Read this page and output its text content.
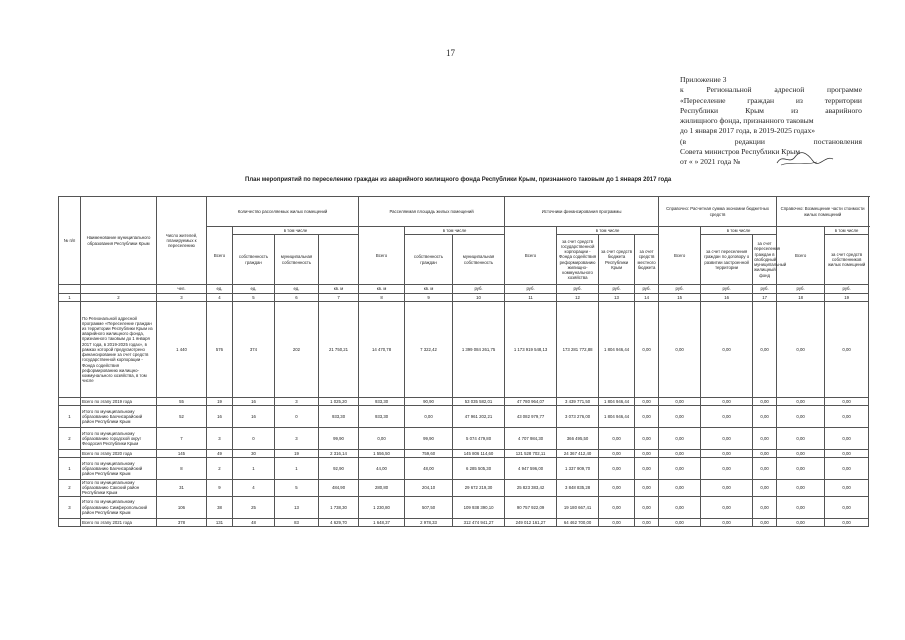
17
Приложение 3
к	Региональной	адресной	программе
«Переселение	граждан	из	территории
Республики	Крым	из	аварийного
жилищного фонда, признанного таковым
до 1 января 2017 года, в 2019-2025 годах»
(в	редакции	постановления
Совета министров Республики Крым
от « » 2021 года №
План мероприятий по переселению граждан из аварийного жилищного фонда Республики Крым, признанного таковым до 1 января 2017 года
№ п/п	Наименование муниципального образования Республики Крым	Число жителей, планируемых к переселению	Количество расселяемых жилых помещений				Расселяемая площадь жилых помещений			Источники финансирования программы				Справочно: Расчетная сумма экономии бюджетных средств			Справочно: Возмещение части стоимости жилых помещений		
			Всего	в том числе			Всего	в том числе		Всего	в том числе			Всего	в том числе		Всего	в том числе	
				собственность граждан	муниципальная собственность			собственность граждан	муниципальная собственность		за счет средств государственной корпорации - Фонда содействия реформированию жилищно-коммунального хозяйства	за счет средств бюджета Республики Крым	за счет средств местного бюджета		за счет переселения граждан по договору о развитии застроенной территории	за счет переселения граждан в свободный муниципальный жилищный фонд		за счет средств собственников жилых помещений	
		чел.	ед.	ед.	ед.	кв. м	кв. м	кв. м	руб.	руб.	руб.	руб.	руб.	руб.	руб.	руб.	руб.	руб.	
1	2	3	4	5	6	7	8	9	10	11	12	13	14	15	16	17	18	19	
	По Региональной адресной программе «Переселение граждан из территории Республики Крым из аварийного жилищного фонда, признанного таковым до 1 января 2017 года, в 2019-2025 годах», в рамках которой предусмотрено финансирование за счет средств государственной корпорации - Фонда содействия реформированию жилищно-коммунального хозяйства, в том числе	1 440	576	374	202	21 750,21	14 470,78	7 322,42	1 399 084 261,75	1 173 919 548,13	173 281 772,88	1 804 946,44	0,00	0,00	0,00	0,00	0,00	0,00	
	Всего по этапу 2019 года	55	19	16	3	1 025,20	933,30	90,90	53 035 582,01	47 780 964,07	3 439 771,50	1 804 946,44	0,00	0,00	0,00	0,00	0,00	0,00	
1	Итого по муниципальному образованию Бахчисарайский район Республики Крым	52	16	16	0	933,30	933,30	0,00	47 961 202,21	43 082 979,77	3 073 276,00	1 804 946,44	0,00	0,00	0,00	0,00	0,00	0,00	
2	Итого по муниципальному образованию городской округ Феодосия Республики Крым	7	3	0	3	99,90	0,00	99,90	5 074 479,80	4 707 984,30	366 495,50	0,00	0,00	0,00	0,00	0,00	0,00	0,00	
	Всего по этапу 2020 года	145	49	30	19	2 316,14	1 556,50	759,60	145 806 114,60	121 528 702,11	24 367 412,40	0,00	0,00	0,00	0,00	0,00	0,00	0,00	
1	Итого по муниципальному образованию Бахчисарайский район Республики Крым	8	2	1	1	92,90	44,00	48,00	6 285 505,30	4 947 596,00	1 337 909,70	0,00	0,00	0,00	0,00	0,00	0,00	0,00	
2	Итого по муниципальному образованию Сакский район Республики Крым	31	9	4	5	484,90	280,80	204,10	29 672 219,30	25 823 383,42	3 848 835,28	0,00	0,00	0,00	0,00	0,00	0,00	0,00	
3	Итого по муниципальному образованию Симферопольский район Республики Крым	106	38	25	13	1 738,30	1 230,80	507,50	109 938 390,10	90 757 922,09	19 180 667,41	0,00	0,00	0,00	0,00	0,00	0,00	0,00	
	Всего по этапу 2021 года	378	131	48	83	4 629,70	1 648,37	2 978,33	312 474 941,27	249 012 161,27	64 462 700,00	0,00	0,00	0,00	0,00	0,00	0,00	0,00	
